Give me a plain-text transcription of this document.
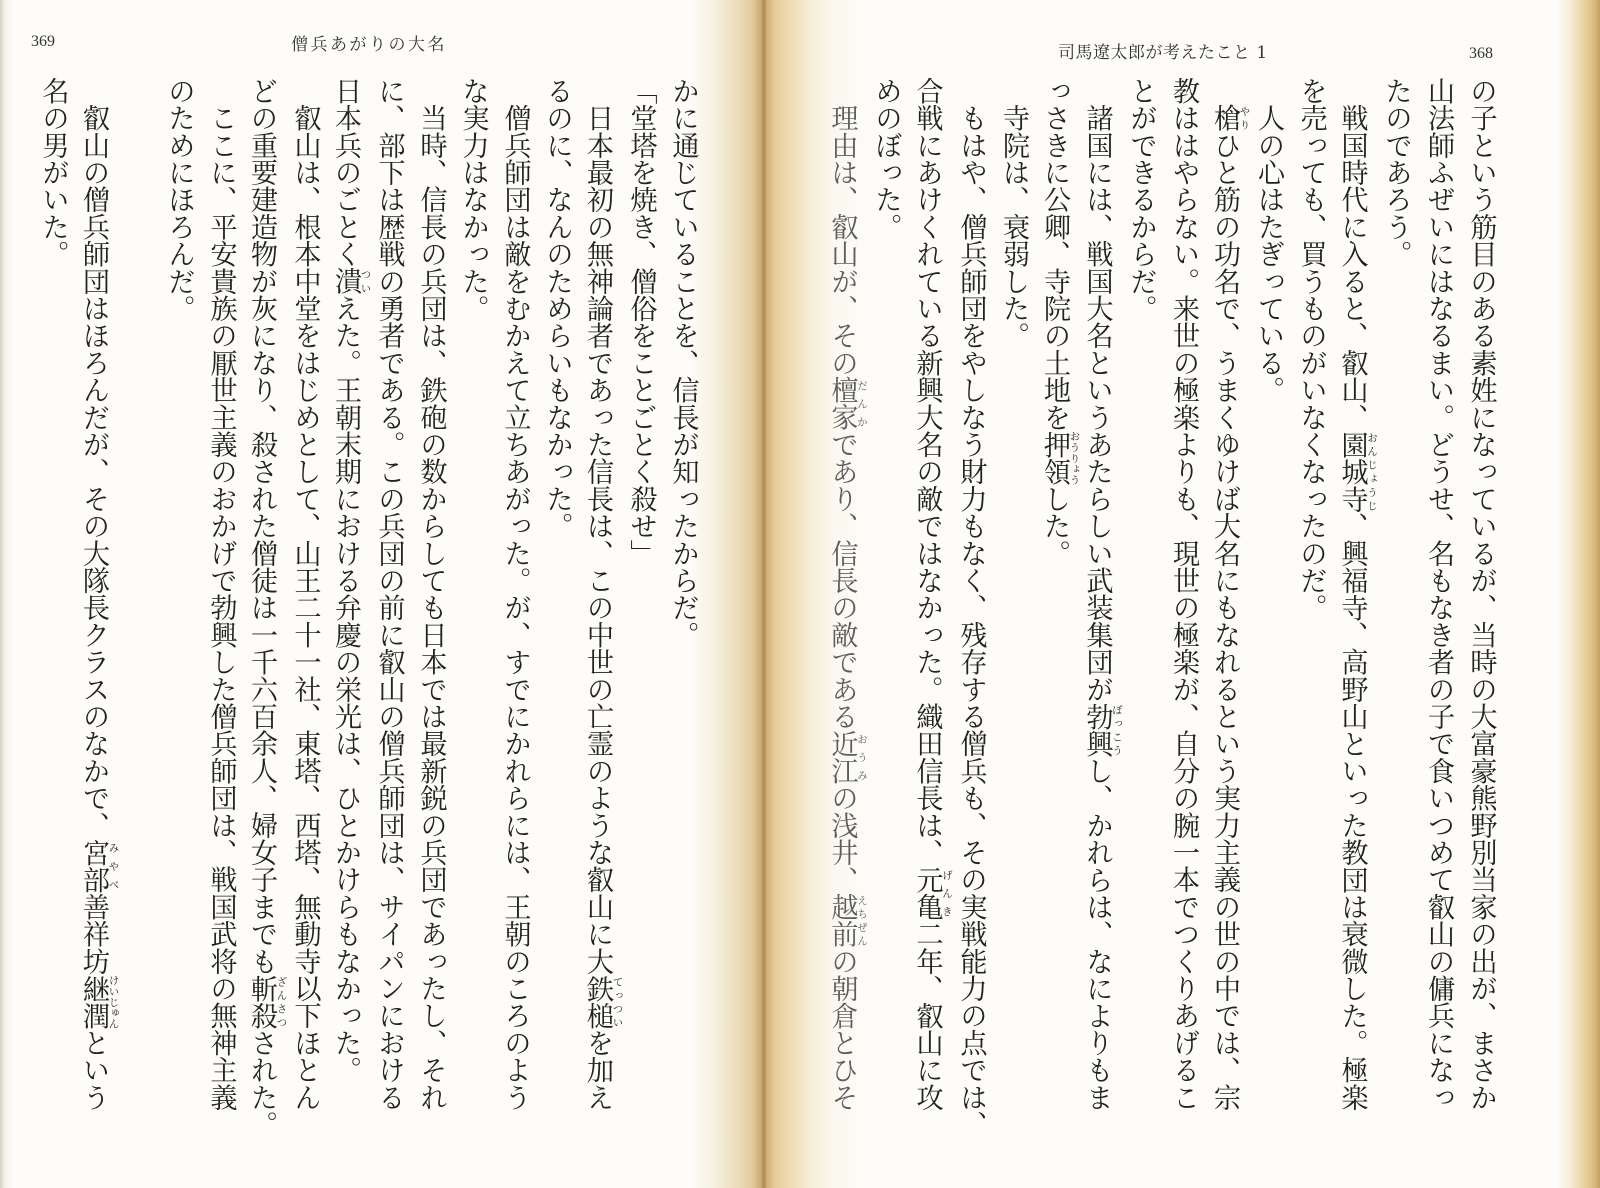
369	僧兵あがりの大名
かに通じていることを、信長が知ったからだ。
「堂塔を焼き、僧俗をことごとく殺せ」
　日本最初の無神論者であった信長は、この中世の亡霊のような叡山に大鉄槌てっついを加え
るのに、なんのためらいもなかった。
　僧兵師団は敵をむかえて立ちあがった。が、すでにかれらには、王朝のころのよう
な実力はなかった。
　当時、信長の兵団は、鉄砲の数からしても日本では最新鋭の兵団であったし、それ
に、部下は歴戦の勇者である。この兵団の前に叡山の僧兵師団は、サイパンにおける
日本兵のごとく潰ついえた。王朝末期における弁慶の栄光は、ひとかけらもなかった。
　叡山は、根本中堂をはじめとして、山王二十一社、東塔、西塔、無動寺以下ほとん
どの重要建造物が灰になり、殺された僧徒は一千六百余人、婦女子までも斬殺ざんさつされた。
　ここに、平安貴族の厭世主義のおかげで勃興した僧兵師団は、戦国武将の無神主義
のためにほろんだ。
　叡山の僧兵師団はほろんだが、その大隊長クラスのなかで、宮部みやべ善祥坊継潤けいじゅんという
名の男がいた。
司馬遼太郎が考えたこと 1	368
の子という筋目のある素姓になっているが、当時の大富豪熊野別当家の出が、まさか
山法師ふぜいにはなるまい。どうせ、名もなき者の子で食いつめて叡山の傭兵になっ
たのであろう。
　戦国時代に入ると、叡山、園城寺おんじょうじ、興福寺、高野山といった教団は衰微した。極楽
を売っても、買うものがいなくなったのだ。
　人の心はたぎっている。
　槍やりひと筋の功名で、うまくゆけば大名にもなれるという実力主義の世の中では、宗
教ははやらない。来世の極楽よりも、現世の極楽が、自分の腕一本でつくりあげるこ
とができるからだ。
　諸国には、戦国大名というあたらしい武装集団が勃興ぼっこうし、かれらは、なによりもま
っさきに公卿、寺院の土地を押領おうりょうした。
　寺院は、衰弱した。
　もはや、僧兵師団をやしなう財力もなく、残存する僧兵も、その実戦能力の点では、
合戦にあけくれている新興大名の敵ではなかった。織田信長は、元亀げんき二年、叡山に攻
めのぼった。
　理由は、叡山が、その檀家だんかであり、信長の敵である近江おうみの浅井、越前えちぜんの朝倉とひそ
